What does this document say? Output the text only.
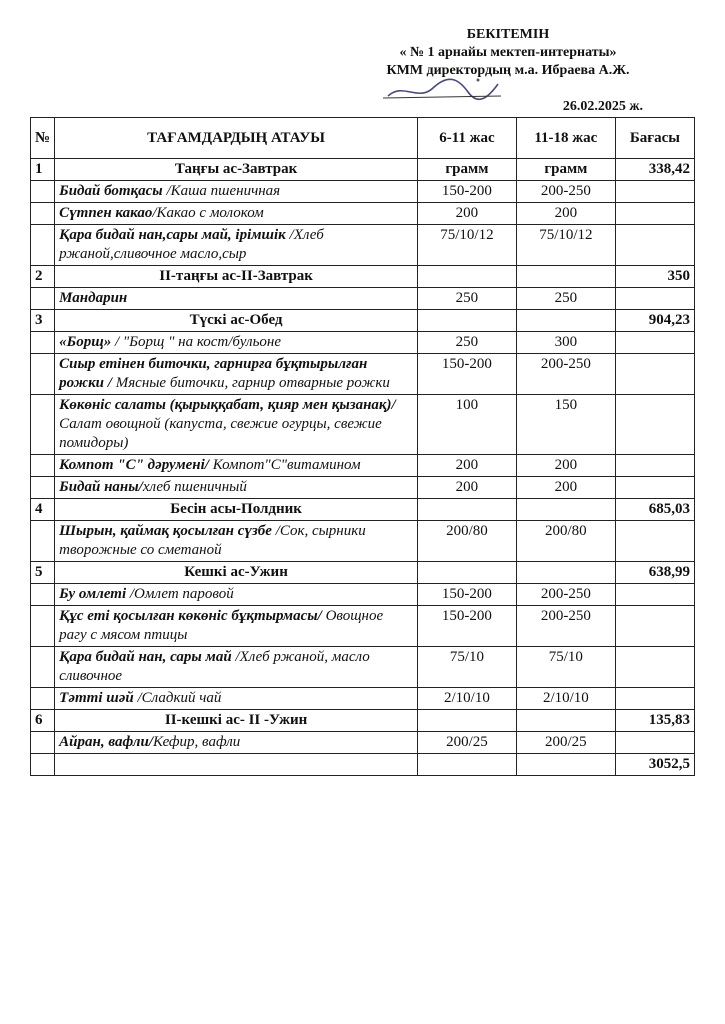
БЕКІТЕМІН
« № 1 арнайы мектеп-интернаты»
КММ директордың м.а. Ибраева А.Ж.
26.02.2025 ж.
№	ТАҒАМДАРДЫҢ АТАУЫ	6-11 жас	11-18 жас	Бағасы
1	Таңғы ас-Завтрак	грамм	грамм	338,42
	Бидай ботқасы /Каша пшеничная	150-200	200-250	
	Сүтпен какао/Какао с молоком	200	200	
	Қара бидай нан,сары май, ірімшік /Хлеб ржаной,сливочное масло,сыр	75/10/12	75/10/12	
2	ІІ-таңғы ас-ІІ-Завтрак			350
	Мандарин	250	250	
3	Түскі ас-Обед			904,23
	«Борщ» / "Борщ " на кост/бульоне	250	300	
	Сиыр етінен биточки, гарнирға бұқтырылған рожки / Мясные биточки, гарнир отварные рожки	150-200	200-250	
	Көкөніс салаты (қырыққабат, қияр мен қызанақ)/Салат овощной (капуста, свежие огурцы, свежие помидоры)	100	150	
	Компот "С" дәрумені/ Компот"С"витамином	200	200	
	Бидай наны/хлеб пшеничный	200	200	
4	Бесін асы-Полдник			685,03
	Шырын, қаймақ қосылған сүзбе /Сок, сырники творожные со сметаной	200/80	200/80	
5	Кешкі ас-Ужин			638,99
	Бу омлеті /Омлет паровой	150-200	200-250	
	Құс еті қосылған көкөніс бұқтырмасы/ Овощное рагу с мясом птицы	150-200	200-250	
	Қара бидай нан, сары май /Хлеб ржаной, масло сливочное	75/10	75/10	
	Тәтті шәй /Сладкий чай	2/10/10	2/10/10	
6	ІІ-кешкі ас- ІІ -Ужин			135,83
	Айран, вафли/Кефир, вафли	200/25	200/25	
				3052,5
